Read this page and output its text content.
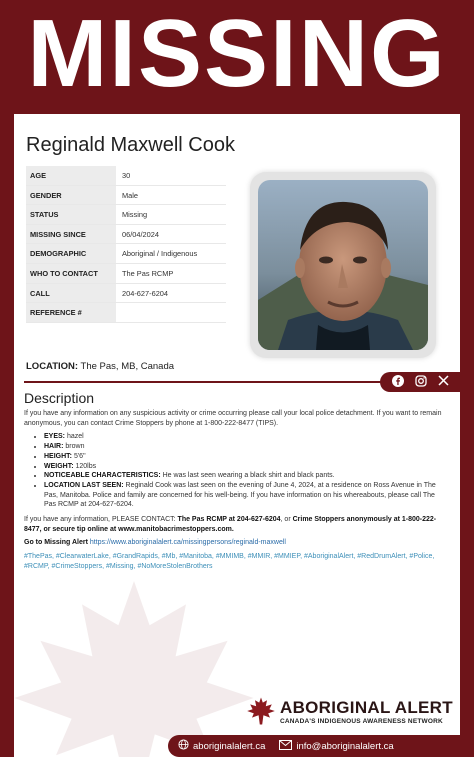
MISSING
Reginald Maxwell Cook
AGE	30
GENDER	Male
STATUS	Missing
MISSING SINCE	06/04/2024
DEMOGRAPHIC	Aboriginal / Indigenous
WHO TO CONTACT	The Pas RCMP
CALL	204-627-6204
REFERENCE #
LOCATION: The Pas, MB, Canada
Description

If you have any information on any suspicious activity or crime occurring please call your local police detachment. If you want to remain anonymous, you can contact Crime Stoppers by phone at 1-800-222-8477 (TIPS).

• EYES: hazel
• HAIR: brown
• HEIGHT: 5'6"
• WEIGHT: 120lbs
• NOTICEABLE CHARACTERISTICS: He was last seen wearing a black shirt and black pants.
• LOCATION LAST SEEN: Reginald Cook was last seen on the evening of June 4, 2024, at a residence on Ross Avenue in The Pas, Manitoba. Police and family are concerned for his well-being. If you have information on his whereabouts, please call The Pas RCMP at 204-627-6204.

If you have any information, PLEASE CONTACT: The Pas RCMP at 204-627-6204, or Crime Stoppers anonymously at 1-800-222-8477, or secure tip online at www.manitobacrimestoppers.com.

Go to Missing Alert https://www.aboriginalalert.ca/missingpersons/reginald-maxwell

#ThePas, #ClearwaterLake, #GrandRapids, #Mb, #Manitoba, #MMIMB, #MMIR, #MMIEP, #AboriginalAlert, #RedDrumAlert, #Police, #RCMP, #CrimeStoppers, #Missing, #NoMoreStolenBrothers

ABORIGINAL ALERT
CANADA'S INDIGENOUS AWARENESS NETWORK
aboriginalalert.ca	info@aboriginalalert.ca
